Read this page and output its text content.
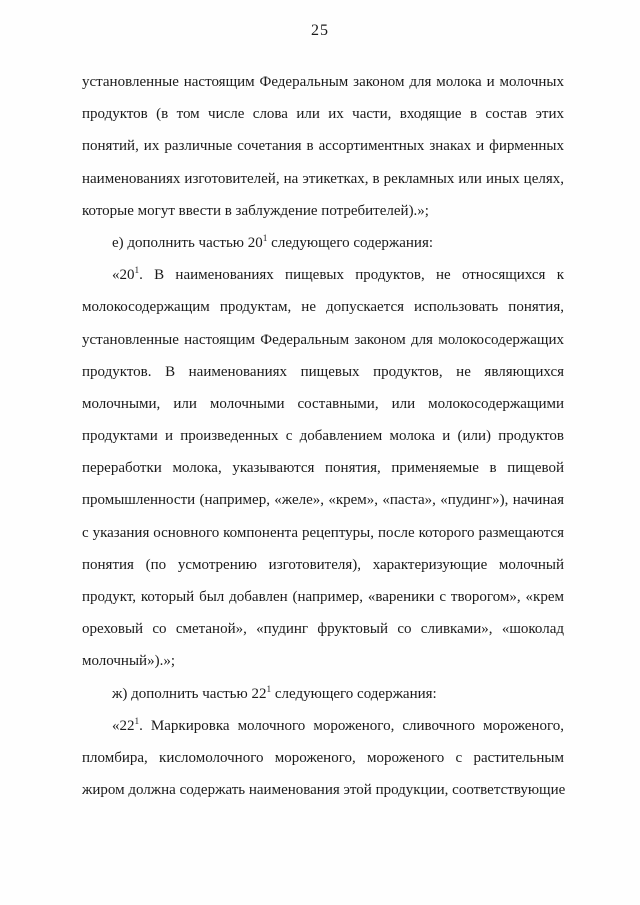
25
установленные настоящим Федеральным законом для молока и молочных
продуктов (в том числе слова или их части, входящие в состав этих
понятий, их различные сочетания в ассортиментных знаках и фирменных
наименованиях изготовителей, на этикетках, в рекламных или иных целях,
которые могут ввести в заблуждение потребителей).»;
е) дополнить частью $20^1$ следующего содержания:
«$20^1$. В наименованиях пищевых продуктов, не относящихся к
молокосодержащим продуктам, не допускается использовать понятия,
установленные настоящим Федеральным законом для молокосодержащих
продуктов. В наименованиях пищевых продуктов, не являющихся
молочными, или молочными составными, или молокосодержащими
продуктами и произведенных с добавлением молока и (или) продуктов
переработки молока, указываются понятия, применяемые в пищевой
промышленности (например, «желе», «крем», «паста», «пудинг»), начиная
с указания основного компонента рецептуры, после которого размещаются
понятия (по усмотрению изготовителя), характеризующие молочный
продукт, который был добавлен (например, «вареники с творогом», «крем
ореховый со сметаной», «пудинг фруктовый со сливками», «шоколад
молочный»).»;
ж) дополнить частью $22^1$ следующего содержания:
«$22^1$. Маркировка молочного мороженого, сливочного мороженого,
пломбира, кисломолочного мороженого, мороженого с растительным
жиром должна содержать наименования этой продукции, соответствующие
